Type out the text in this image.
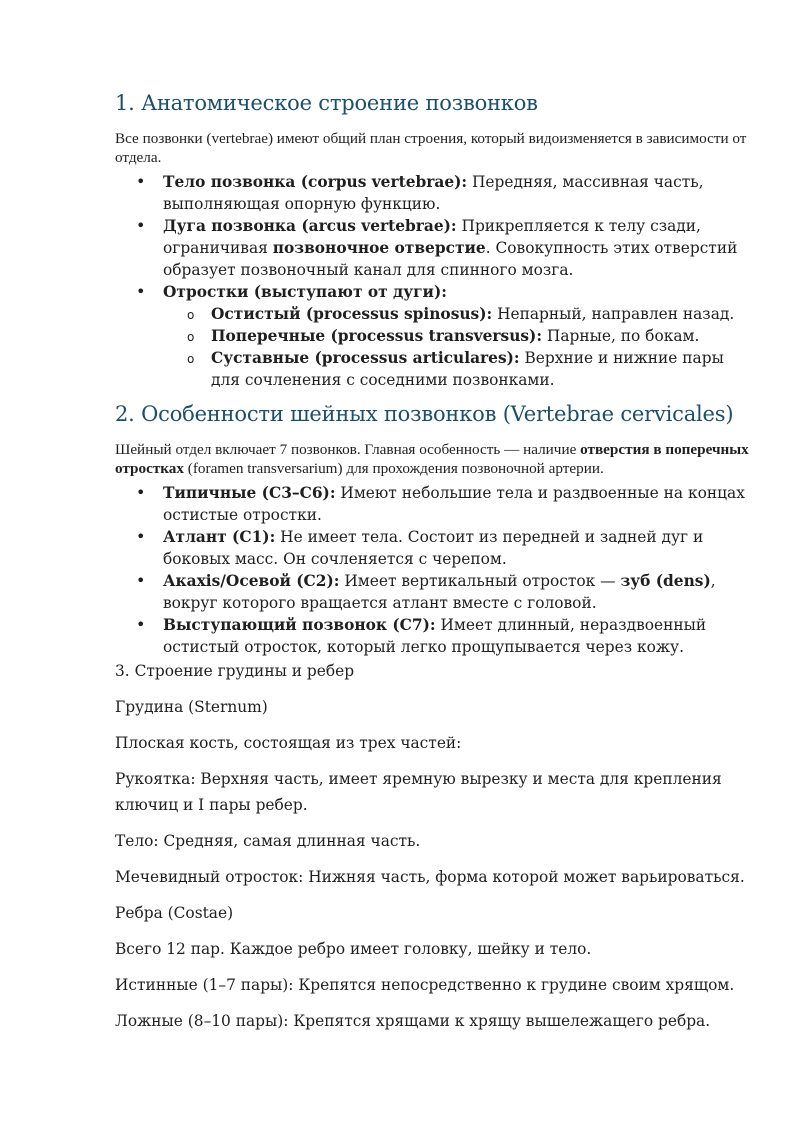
1. Анатомическое строение позвонков
Все позвонки (vertebrae) имеют общий план строения, который видоизменяется в зависимости от отдела.
• Тело позвонка (corpus vertebrae): Передняя, массивная часть, выполняющая опорную функцию.
• Дуга позвонка (arcus vertebrae): Прикрепляется к телу сзади, ограничивая позвоночное отверстие. Совокупность этих отверстий образует позвоночный канал для спинного мозга.
• Отростки (выступают от дуги):
o Остистый (processus spinosus): Непарный, направлен назад.
o Поперечные (processus transversus): Парные, по бокам.
o Суставные (processus articulares): Верхние и нижние пары для сочленения с соседними позвонками.
2. Особенности шейных позвонков (Vertebrae cervicales)
Шейный отдел включает 7 позвонков. Главная особенность — наличие отверстия в поперечных отростках (foramen transversarium) для прохождения позвоночной артерии.
• Типичные (C3–C6): Имеют небольшие тела и раздвоенные на концах остистые отростки.
• Атлант (C1): Не имеет тела. Состоит из передней и задней дуг и боковых масс. Он сочленяется с черепом.
• Акаxis/Осевой (C2): Имеет вертикальный отросток — зуб (dens), вокруг которого вращается атлант вместе с головой.
• Выступающий позвонок (C7): Имеет длинный, нераздвоенный остистый отросток, который легко прощупывается через кожу.

3. Строение грудины и ребер

Грудина (Sternum)

Плоская кость, состоящая из трех частей:

Рукоятка: Верхняя часть, имеет яремную вырезку и места для крепления ключиц и I пары ребер.

Тело: Средняя, самая длинная часть.

Мечевидный отросток: Нижняя часть, форма которой может варьироваться.

Ребра (Costae)

Всего 12 пар. Каждое ребро имеет головку, шейку и тело.

Истинные (1–7 пары): Крепятся непосредственно к грудине своим хрящом.

Ложные (8–10 пары): Крепятся хрящами к хрящу вышележащего ребра.
